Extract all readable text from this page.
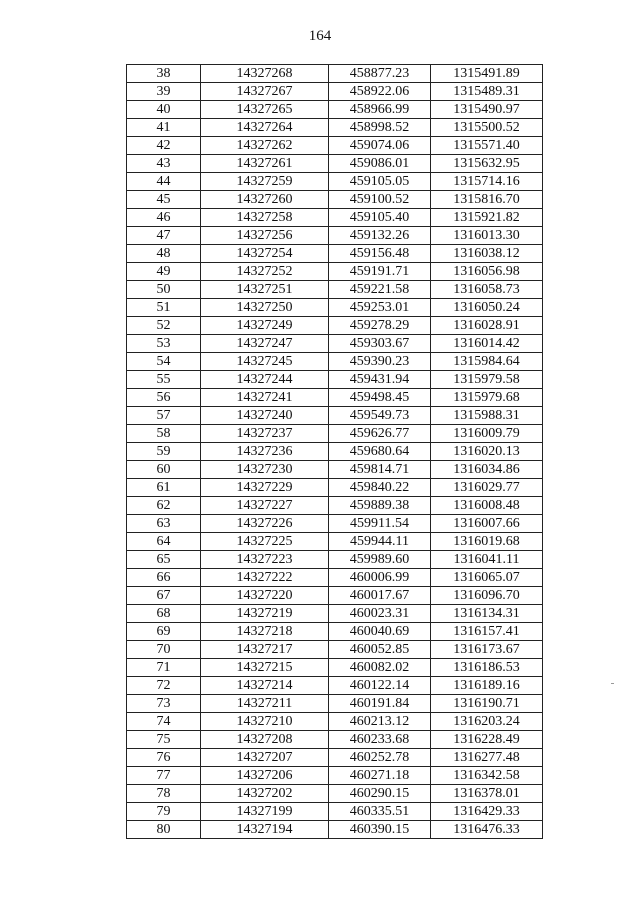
164
38	14327268	458877.23	1315491.89
39	14327267	458922.06	1315489.31
40	14327265	458966.99	1315490.97
41	14327264	458998.52	1315500.52
42	14327262	459074.06	1315571.40
43	14327261	459086.01	1315632.95
44	14327259	459105.05	1315714.16
45	14327260	459100.52	1315816.70
46	14327258	459105.40	1315921.82
47	14327256	459132.26	1316013.30
48	14327254	459156.48	1316038.12
49	14327252	459191.71	1316056.98
50	14327251	459221.58	1316058.73
51	14327250	459253.01	1316050.24
52	14327249	459278.29	1316028.91
53	14327247	459303.67	1316014.42
54	14327245	459390.23	1315984.64
55	14327244	459431.94	1315979.58
56	14327241	459498.45	1315979.68
57	14327240	459549.73	1315988.31
58	14327237	459626.77	1316009.79
59	14327236	459680.64	1316020.13
60	14327230	459814.71	1316034.86
61	14327229	459840.22	1316029.77
62	14327227	459889.38	1316008.48
63	14327226	459911.54	1316007.66
64	14327225	459944.11	1316019.68
65	14327223	459989.60	1316041.11
66	14327222	460006.99	1316065.07
67	14327220	460017.67	1316096.70
68	14327219	460023.31	1316134.31
69	14327218	460040.69	1316157.41
70	14327217	460052.85	1316173.67
71	14327215	460082.02	1316186.53
72	14327214	460122.14	1316189.16
73	14327211	460191.84	1316190.71
74	14327210	460213.12	1316203.24
75	14327208	460233.68	1316228.49
76	14327207	460252.78	1316277.48
77	14327206	460271.18	1316342.58
78	14327202	460290.15	1316378.01
79	14327199	460335.51	1316429.33
80	14327194	460390.15	1316476.33
